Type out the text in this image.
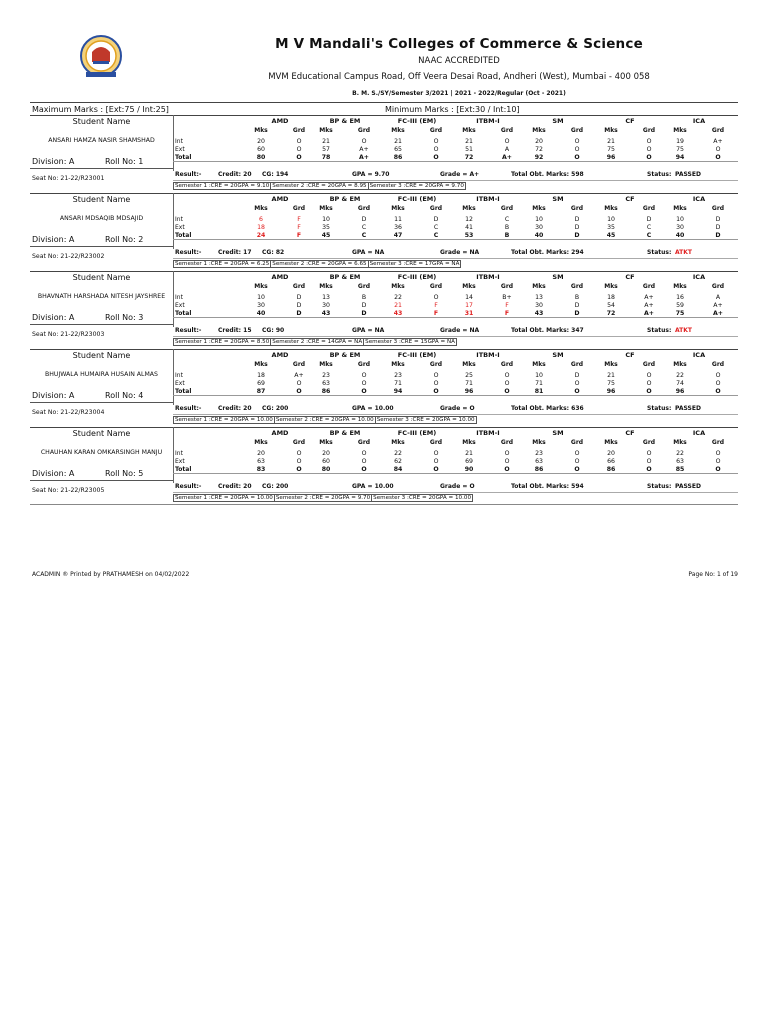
M V Mandali's Colleges of Commerce & Science
NAAC ACCREDITED
MVM Educational Campus Road, Off Veera Desai Road, Andheri (West), Mumbai - 400 058
B. M. S./SY/Semester 3/2021 | 2021 - 2022/Regular (Oct - 2021)
Maximum Marks : [Ext:75 / Int:25]	Minimum Marks : [Ext:30 / Int:10]
Student Name
ANSARI HAMZA NASIR SHAMSHAD
Division: A	Roll No: 1
Seat No: 21-22/R23001
AMD
Mks	Grd
BP & EM
Mks	Grd
FC-III (EM)
Mks	Grd
ITBM-I
Mks	Grd
SM
Mks	Grd
CF
Mks	Grd
ICA
Mks	Grd
Int	20	O	21	O	21	O	21	O	20	O	21	O	19	A+
Ext	60	O	57	A+	65	O	51	A	72	O	75	O	75	O
Total	80	O	78	A+	86	O	72	A+	92	O	96	O	94	O
Result:-	Credit: 20 CG: 194	GPA = 9.70	Grade = A+	Total Obt. Marks: 598	Status: PASSED
Semester 1 :CRE = 20GPA = 9.10 Semester 2 :CRE = 20GPA = 8.95 Semester 3 :CRE = 20GPA = 9.70
Student Name
ANSARI MDSAQIB MDSAJID
Division: A	Roll No: 2
Seat No: 21-22/R23002
AMD
Mks	Grd
BP & EM
Mks	Grd
FC-III (EM)
Mks	Grd
ITBM-I
Mks	Grd
SM
Mks	Grd
CF
Mks	Grd
ICA
Mks	Grd
Int	6	F	10	D	11	D	12	C	10	D	10	D	10	D
Ext	18	F	35	C	36	C	41	B	30	D	35	C	30	D
Total	24	F	45	C	47	C	53	B	40	D	45	C	40	D
Result:-	Credit: 17 CG: 82	GPA = NA	Grade = NA	Total Obt. Marks: 294	Status: ATKT
Semester 1 :CRE = 20GPA = 6.25 Semester 2 :CRE = 20GPA = 6.65 Semester 3 :CRE = 17GPA = NA
Student Name
BHAVNATH HARSHADA NITESH JAYSHREE
Division: A	Roll No: 3
Seat No: 21-22/R23003
AMD
Mks	Grd
BP & EM
Mks	Grd
FC-III (EM)
Mks	Grd
ITBM-I
Mks	Grd
SM
Mks	Grd
CF
Mks	Grd
ICA
Mks	Grd
Int	10	D	13	B	22	O	14	B+	13	B	18	A+	16	A
Ext	30	D	30	D	21	F	17	F	30	D	54	A+	59	A+
Total	40	D	43	D	43	F	31	F	43	D	72	A+	75	A+
Result:-	Credit: 15 CG: 90	GPA = NA	Grade = NA	Total Obt. Marks: 347	Status: ATKT
Semester 1 :CRE = 20GPA = 8.50 Semester 2 :CRE = 14GPA = NA Semester 3 :CRE = 15GPA = NA
Student Name
BHUJWALA HUMAIRA HUSAIN ALMAS
Division: A	Roll No: 4
Seat No: 21-22/R23004
AMD
Mks	Grd
BP & EM
Mks	Grd
FC-III (EM)
Mks	Grd
ITBM-I
Mks	Grd
SM
Mks	Grd
CF
Mks	Grd
ICA
Mks	Grd
Int	18	A+	23	O	23	O	25	O	10	D	21	O	22	O
Ext	69	O	63	O	71	O	71	O	71	O	75	O	74	O
Total	87	O	86	O	94	O	96	O	81	O	96	O	96	O
Result:-	Credit: 20 CG: 200	GPA = 10.00	Grade = O	Total Obt. Marks: 636	Status: PASSED
Semester 1 :CRE = 20GPA = 10.00 Semester 2 :CRE = 20GPA = 10.00 Semester 3 :CRE = 20GPA = 10.00
Student Name
CHAUHAN KARAN OMKARSINGH MANJU
Division: A	Roll No: 5
Seat No: 21-22/R23005
AMD
Mks	Grd
BP & EM
Mks	Grd
FC-III (EM)
Mks	Grd
ITBM-I
Mks	Grd
SM
Mks	Grd
CF
Mks	Grd
ICA
Mks	Grd
Int	20	O	20	O	22	O	21	O	23	O	20	O	22	O
Ext	63	O	60	O	62	O	69	O	63	O	66	O	63	O
Total	83	O	80	O	84	O	90	O	86	O	86	O	85	O
Result:-	Credit: 20 CG: 200	GPA = 10.00	Grade = O	Total Obt. Marks: 594	Status: PASSED
Semester 1 :CRE = 20GPA = 10.00 Semester 2 :CRE = 20GPA = 9.70 Semester 3 :CRE = 20GPA = 10.00
ACADMIN ® Printed by PRATHAMESH on 04/02/2022	Page No: 1 of 19
